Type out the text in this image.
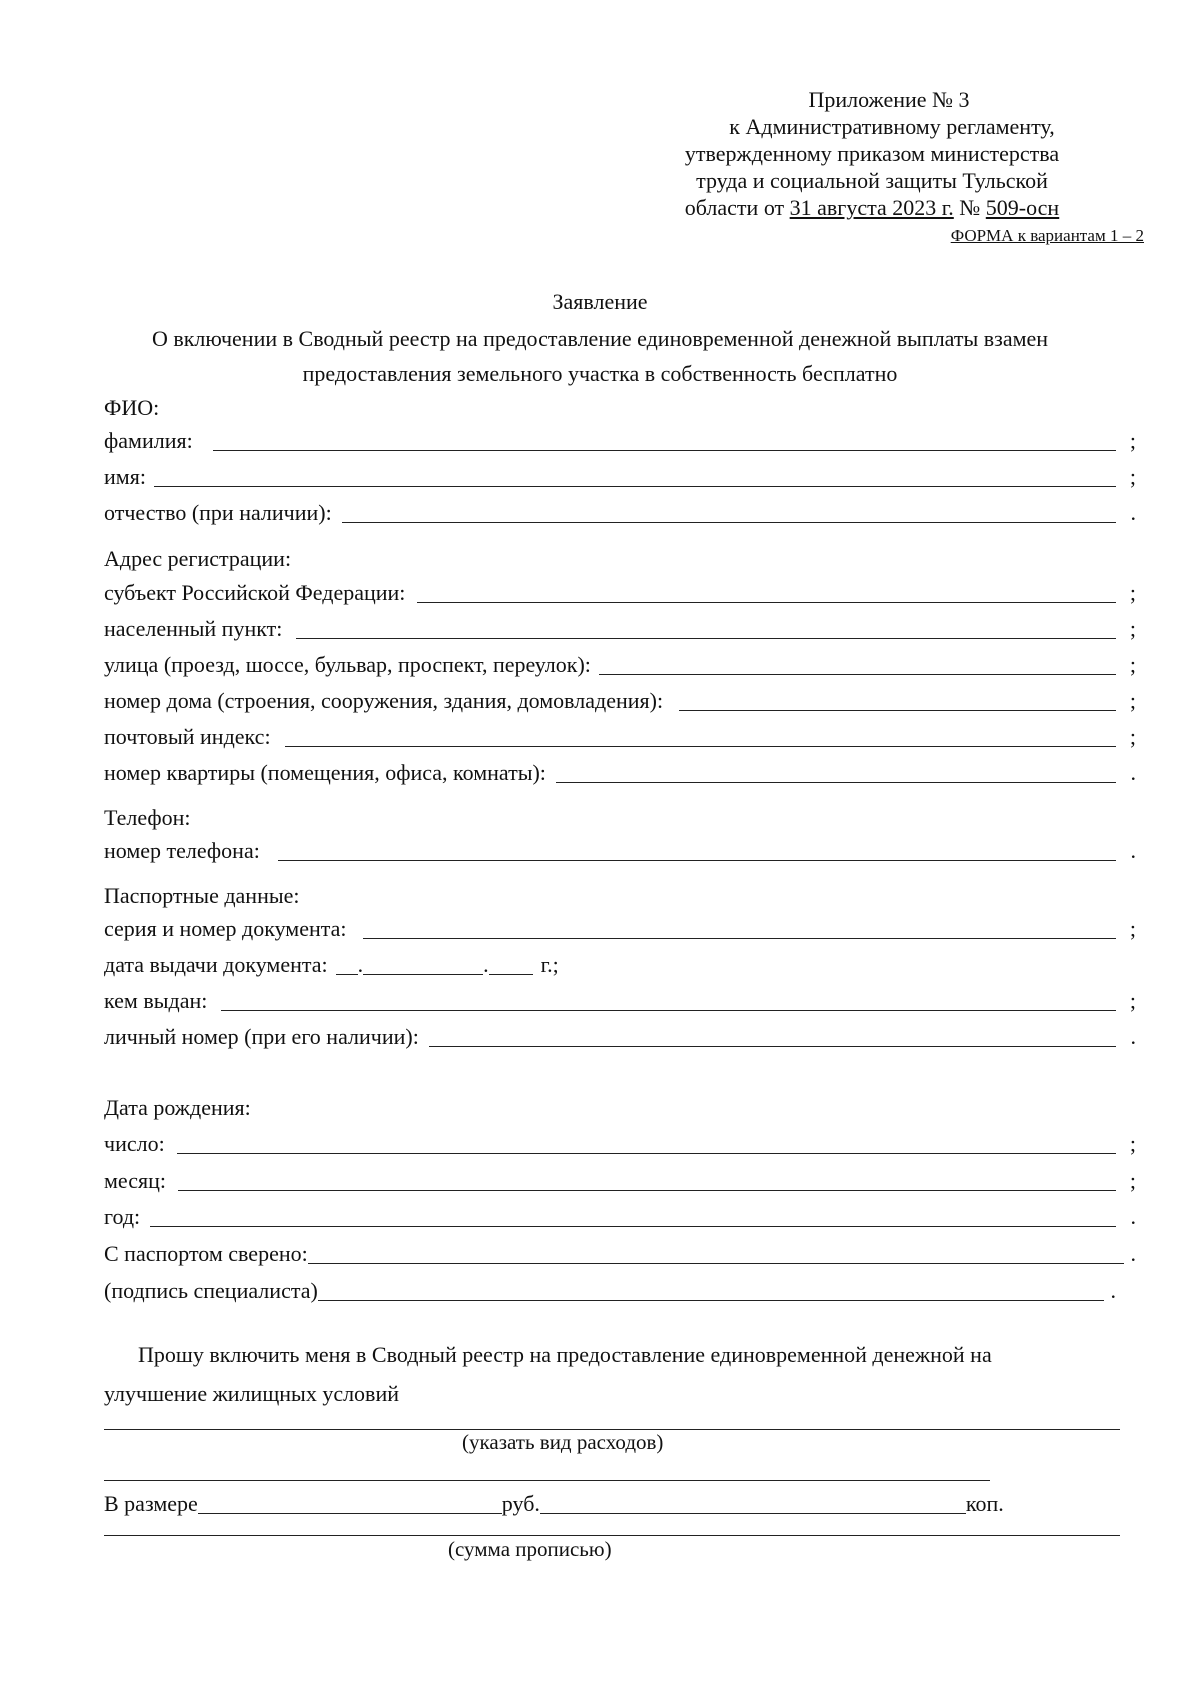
Приложение № 3
к Административному регламенту,
утвержденному приказом министерства
труда и социальной защиты Тульской
области от 31 августа 2023 г. № 509-осн
ФОРМА к вариантам 1 – 2
Заявление
О включении в Сводный реестр на предоставление единовременной денежной выплаты взамен
предоставления земельного участка в собственность бесплатно
ФИО:
фамилия:	;
имя:	;
отчество (при наличии):	.
Адрес регистрации:
субъект Российской Федерации:	;
населенный пункт:	;
улица (проезд, шоссе, бульвар, проспект, переулок):	;
номер дома (строения, сооружения, здания, домовладения):	;
почтовый индекс:	;
номер квартиры (помещения, офиса, комнаты):	.
Телефон:
номер телефона:	.
Паспортные данные:
серия и номер документа:	;
дата выдачи документа: .	. г.;
кем выдан:	;
личный номер (при его наличии):	.
Дата рождения:
число:	;
месяц:	;
год:	.
С паспортом сверено:	.
(подпись специалиста)	.
Прошу включить меня в Сводный реестр на предоставление единовременной денежной на
улучшение жилищных условий
(указать вид расходов)
В размере	руб.	коп.
(сумма прописью)
